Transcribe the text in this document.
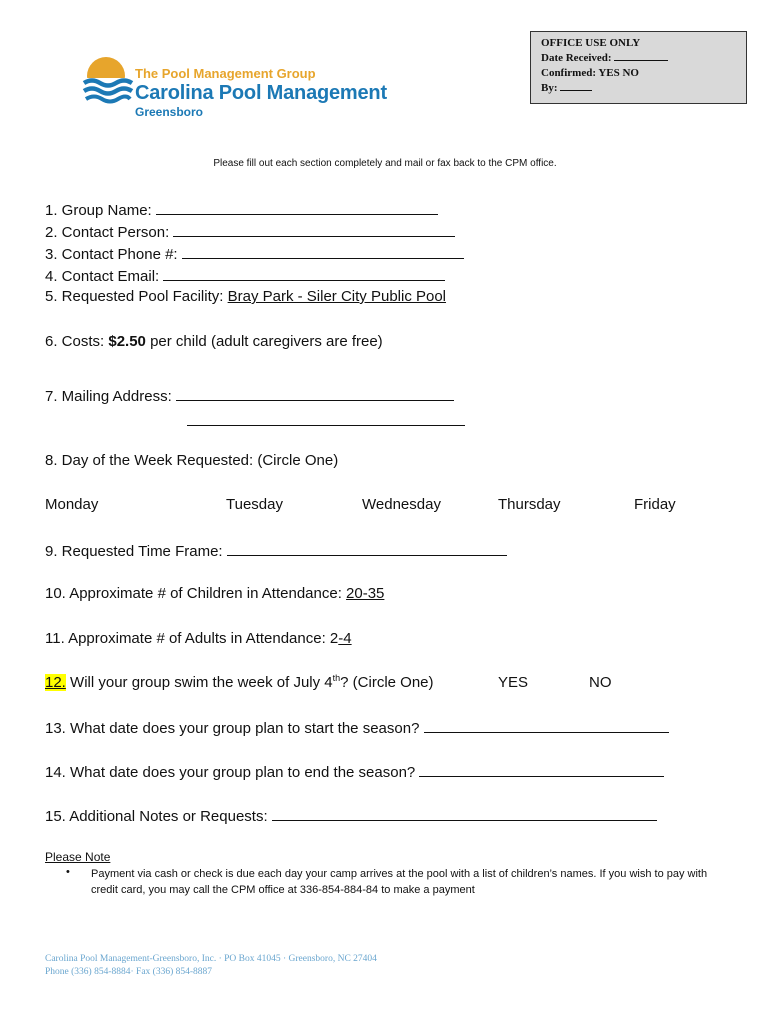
The Pool Management Group
Carolina Pool Management
Greensboro
OFFICE USE ONLY
Date Received:
Confirmed: YES NO
By:
Please fill out each section completely and mail or fax back to the CPM office.
1. Group Name:
2. Contact Person:
3. Contact Phone #:
4. Contact Email:
5. Requested Pool Facility: Bray Park - Siler City Public Pool
6. Costs: $2.50 per child (adult caregivers are free)
7. Mailing Address:
8. Day of the Week Requested: (Circle One)
Monday	Tuesday	Wednesday	Thursday	Friday
9. Requested Time Frame:
10. Approximate # of Children in Attendance: 20-35
11. Approximate # of Adults in Attendance: 2-4
12. Will your group swim the week of July 4th? (Circle One)	YES	NO
13. What date does your group plan to start the season?
14. What date does your group plan to end the season?
15. Additional Notes or Requests:
Please Note
• Payment via cash or check is due each day your camp arrives at the pool with a list of children’s names. If you wish to pay with credit card, you may call the CPM office at 336-854-884-84 to make a payment
Carolina Pool Management-Greensboro, Inc. · PO Box 41045 · Greensboro, NC 27404
Phone (336) 854-8884· Fax (336) 854-8887
